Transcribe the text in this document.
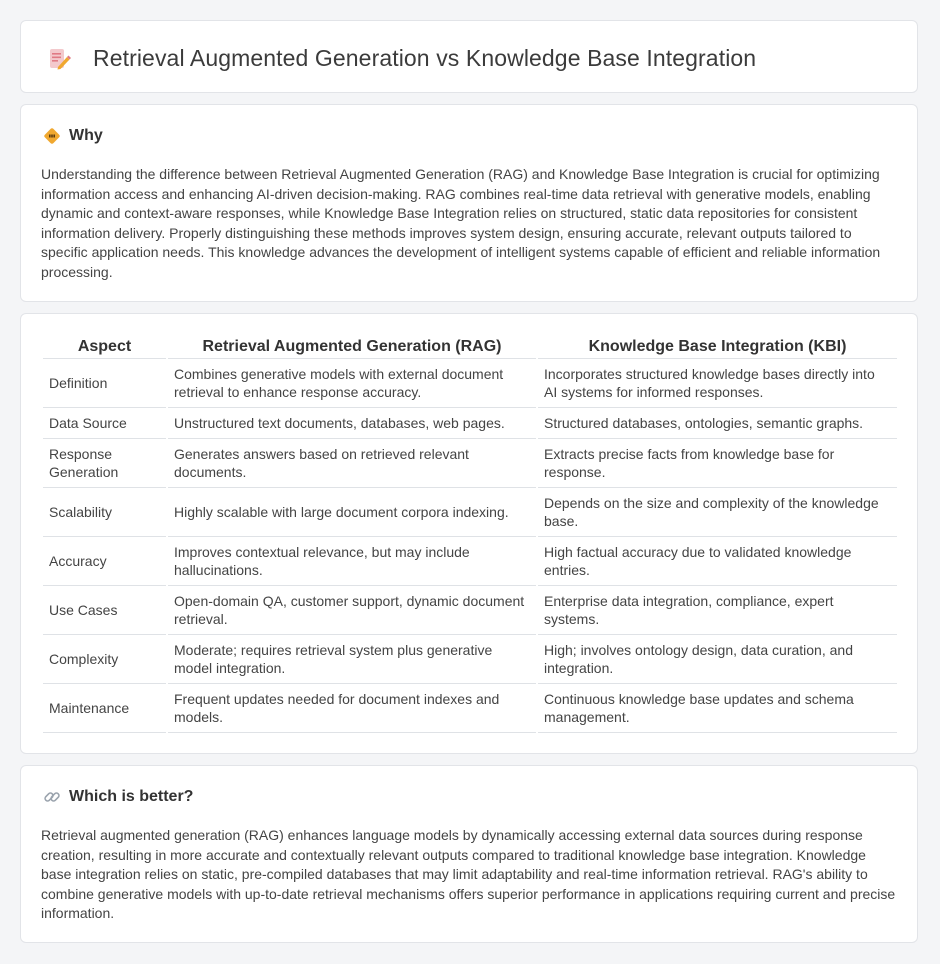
Retrieval Augmented Generation vs Knowledge Base Integration
Why

Understanding the difference between Retrieval Augmented Generation (RAG) and Knowledge Base Integration is crucial for optimizing information access and enhancing AI-driven decision-making. RAG combines real-time data retrieval with generative models, enabling dynamic and context-aware responses, while Knowledge Base Integration relies on structured, static data repositories for consistent information delivery. Properly distinguishing these methods improves system design, ensuring accurate, relevant outputs tailored to specific application needs. This knowledge advances the development of intelligent systems capable of efficient and reliable information processing.

Aspect	Retrieval Augmented Generation (RAG)	Knowledge Base Integration (KBI)
Definition	Combines generative models with external document retrieval to enhance response accuracy.	Incorporates structured knowledge bases directly into AI systems for informed responses.
Data Source	Unstructured text documents, databases, web pages.	Structured databases, ontologies, semantic graphs.
Response Generation	Generates answers based on retrieved relevant documents.	Extracts precise facts from knowledge base for response.
Scalability	Highly scalable with large document corpora indexing.	Depends on the size and complexity of the knowledge base.
Accuracy	Improves contextual relevance, but may include hallucinations.	High factual accuracy due to validated knowledge entries.
Use Cases	Open-domain QA, customer support, dynamic document retrieval.	Enterprise data integration, compliance, expert systems.
Complexity	Moderate; requires retrieval system plus generative model integration.	High; involves ontology design, data curation, and integration.
Maintenance	Frequent updates needed for document indexes and models.	Continuous knowledge base updates and schema management.
Which is better?

Retrieval augmented generation (RAG) enhances language models by dynamically accessing external data sources during response creation, resulting in more accurate and contextually relevant outputs compared to traditional knowledge base integration. Knowledge base integration relies on static, pre-compiled databases that may limit adaptability and real-time information retrieval. RAG's ability to combine generative models with up-to-date retrieval mechanisms offers superior performance in applications requiring current and precise information.
